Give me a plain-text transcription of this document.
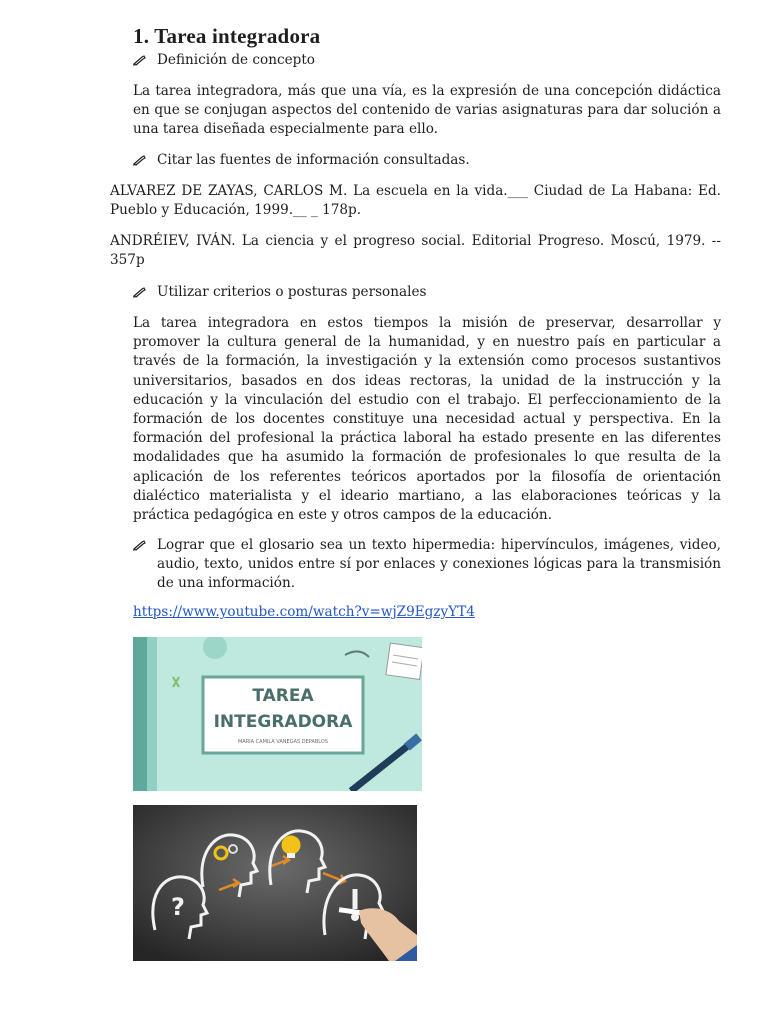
1. Tarea integradora
Definición de concepto

La tarea integradora, más que una vía, es la expresión de una concepción didáctica en que se conjugan aspectos del contenido de varias asignaturas para dar solución a una tarea diseñada especialmente para ello.

Citar las fuentes de información consultadas.

ALVAREZ DE ZAYAS, CARLOS M. La escuela en la vida.___ Ciudad de La Habana: Ed. Pueblo y Educación, 1999.__ _ 178p.

ANDRÉIEV, IVÁN. La ciencia y el progreso social. Editorial Progreso. Moscú, 1979. -- 357p

Utilizar criterios o posturas personales

La tarea integradora en estos tiempos la misión de preservar, desarrollar y promover la cultura general de la humanidad, y en nuestro país en particular a través de la formación, la investigación y la extensión como procesos sustantivos universitarios, basados en dos ideas rectoras, la unidad de la instrucción y la educación y la vinculación del estudio con el trabajo. El perfeccionamiento de la formación de los docentes constituye una necesidad actual y perspectiva. En la formación del profesional la práctica laboral ha estado presente en las diferentes modalidades que ha asumido la formación de profesionales lo que resulta de la aplicación de los referentes teóricos aportados por la filosofía de orientación dialéctico materialista y el ideario martiano, a las elaboraciones teóricas y la práctica pedagógica en este y otros campos de la educación.

Lograr que el glosario sea un texto hipermedia: hipervínculos, imágenes, video, audio, texto, unidos entre sí por enlaces y conexiones lógicas para la transmisión de una información.
https://www.youtube.com/watch?v=wjZ9EgzyYT4
TAREA
INTEGRADORA
MARIA CAMILA VANEGAS DEPABLOS
?
